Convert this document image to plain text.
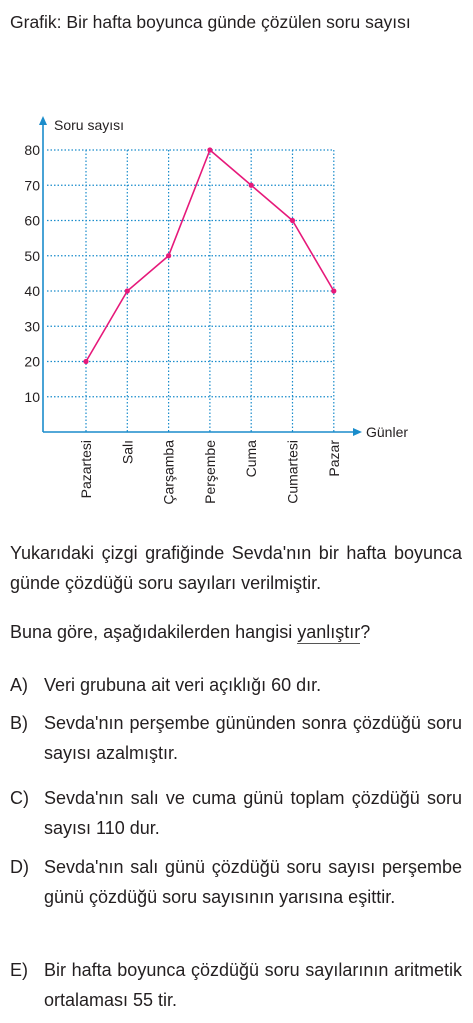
Grafik: Bir hafta boyunca günde çözülen soru sayısı
Soru sayısı
Günler
10
20
30
40
50
60
70
80
Pazartesi Salı Çarşamba Perşembe Cuma Cumartesi Pazar
Yukarıdaki çizgi grafiğinde Sevda'nın bir hafta boyunca günde çözdüğü soru sayıları verilmiştir.
Buna göre, aşağıdakilerden hangisi yanlıştır?
A) Veri grubuna ait veri açıklığı 60 dır.
B) Sevda'nın perşembe gününden sonra çözdüğü soru sayısı azalmıştır.
C) Sevda'nın salı ve cuma günü toplam çözdüğü soru sayısı 110 dur.
D) Sevda'nın salı günü çözdüğü soru sayısı perşembe günü çözdüğü soru sayısının yarısına eşittir.
E) Bir hafta boyunca çözdüğü soru sayılarının aritmetik ortalaması 55 tir.
